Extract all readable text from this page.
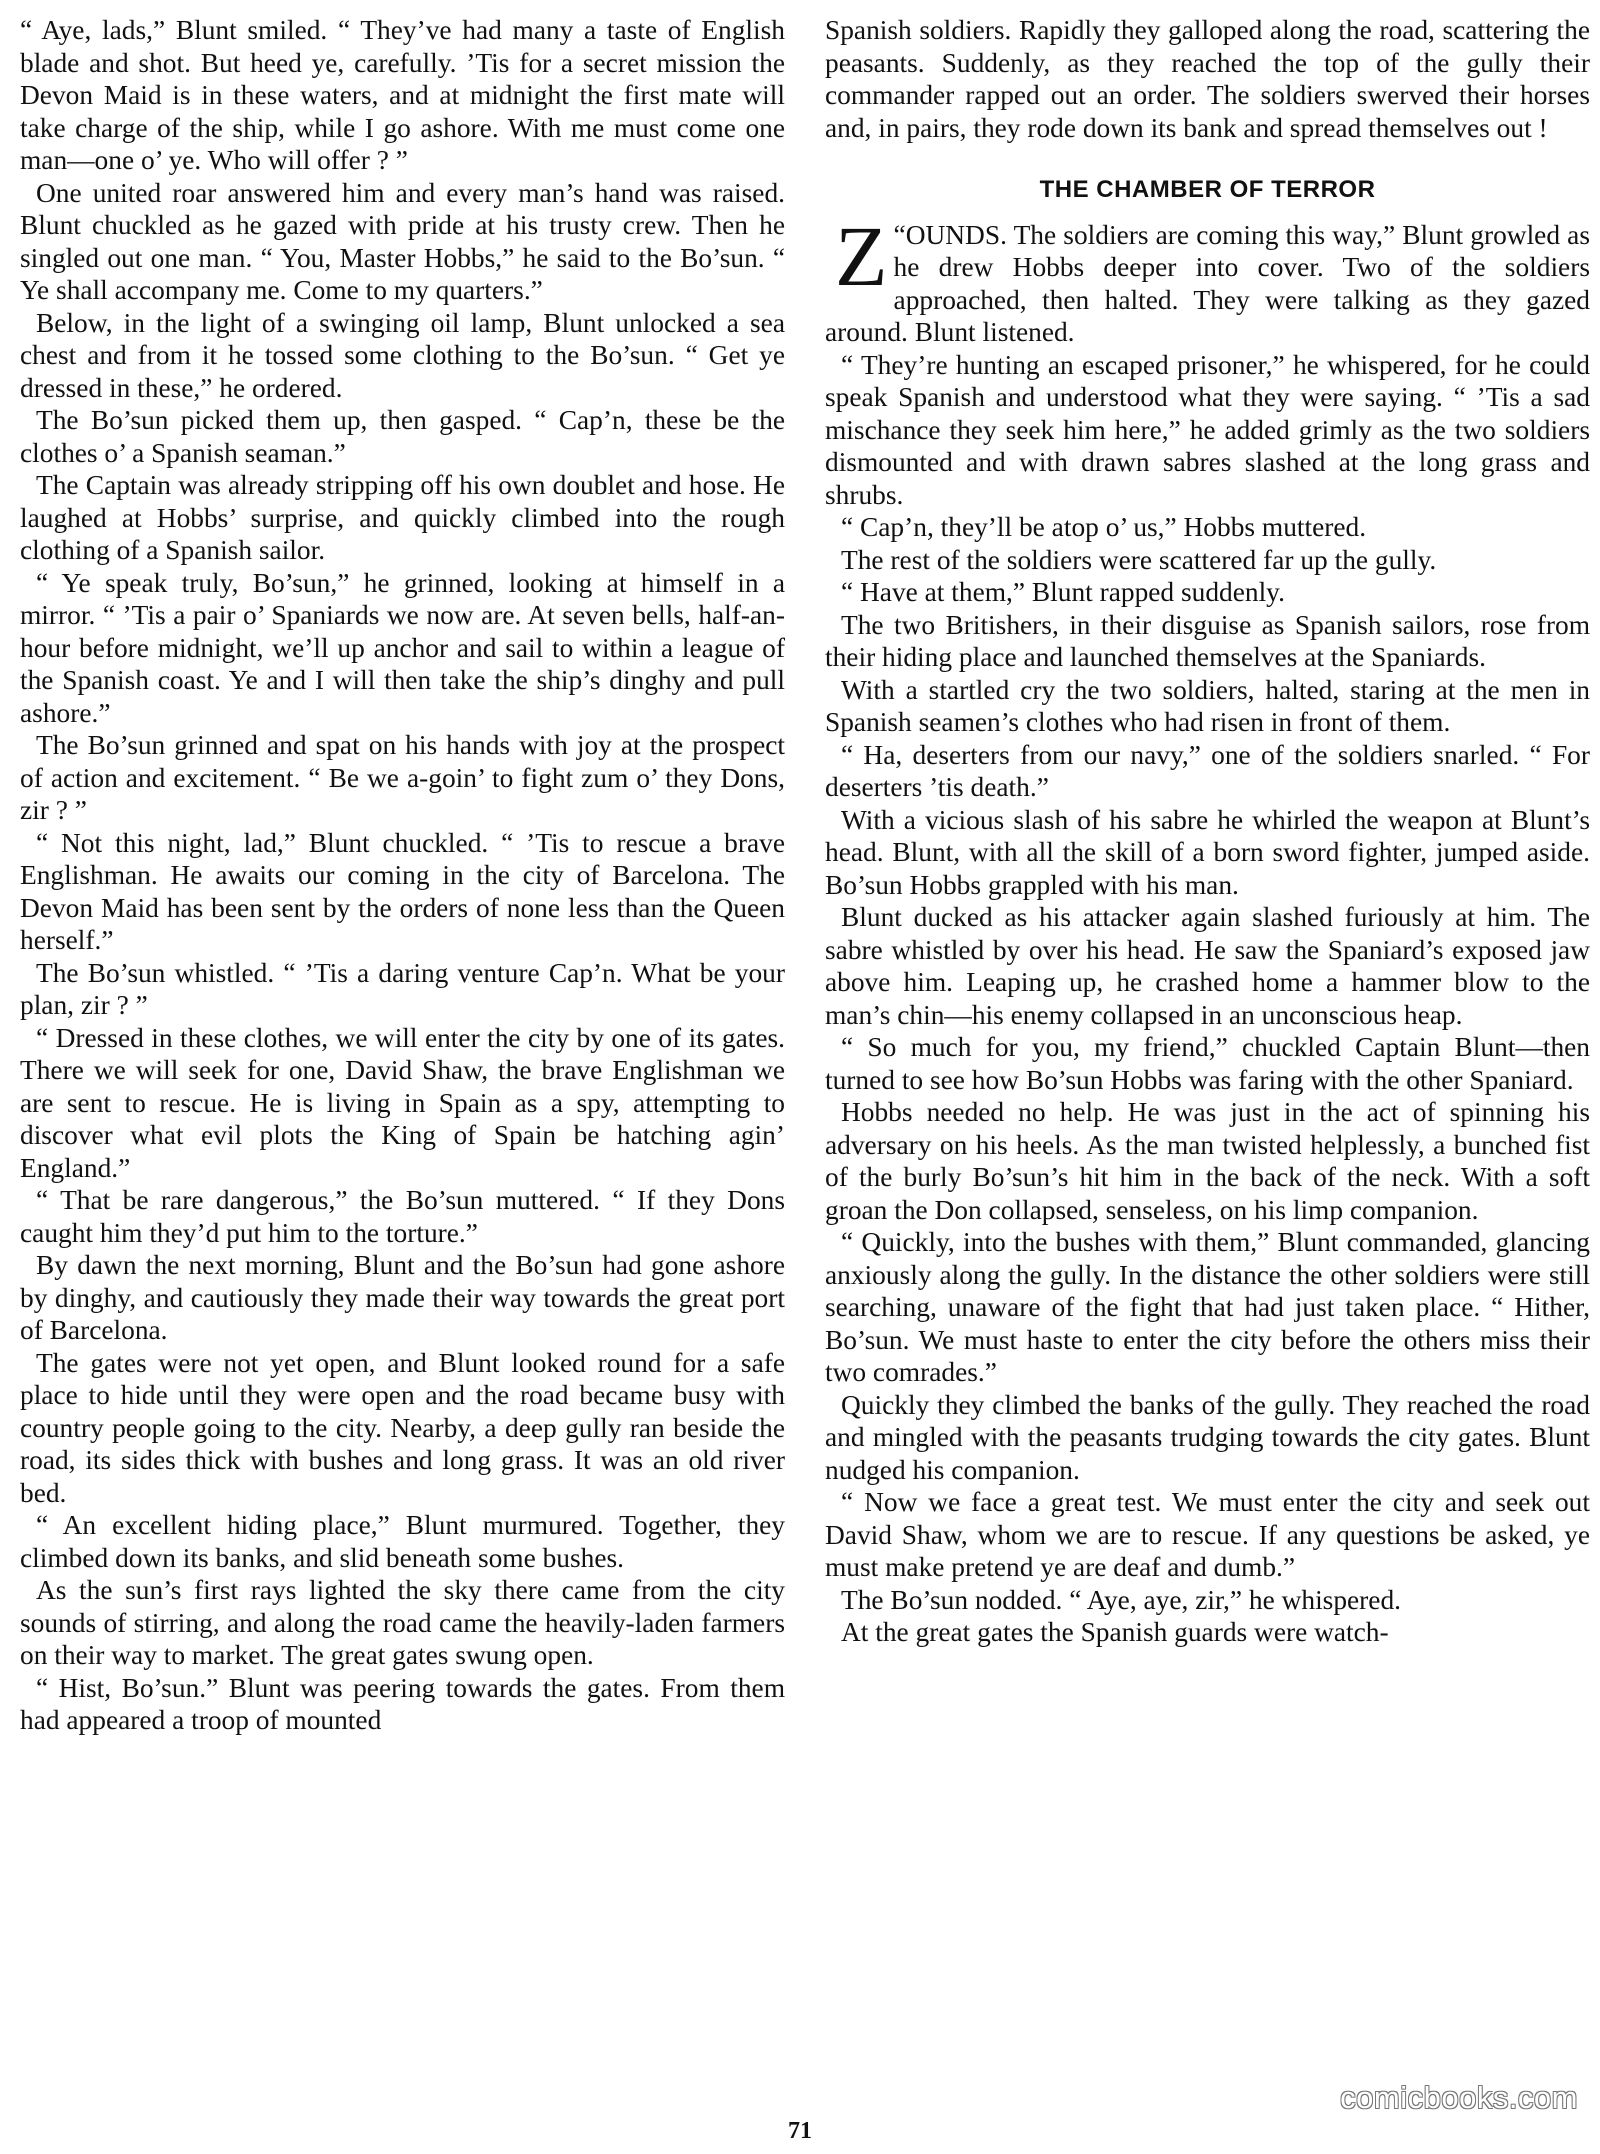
“ Aye, lads,” Blunt smiled. “ They’ve had many a taste of English blade and shot. But heed ye, carefully. ’Tis for a secret mission the Devon Maid is in these waters, and at midnight the first mate will take charge of the ship, while I go ashore. With me must come one man—one o’ ye. Who will offer ? ”

One united roar answered him and every man’s hand was raised. Blunt chuckled as he gazed with pride at his trusty crew. Then he singled out one man. “ You, Master Hobbs,” he said to the Bo’sun. “ Ye shall accompany me. Come to my quarters.”

Below, in the light of a swinging oil lamp, Blunt unlocked a sea chest and from it he tossed some clothing to the Bo’sun. “ Get ye dressed in these,” he ordered.

The Bo’sun picked them up, then gasped. “ Cap’n, these be the clothes o’ a Spanish seaman.”

The Captain was already stripping off his own doublet and hose. He laughed at Hobbs’ surprise, and quickly climbed into the rough clothing of a Spanish sailor.

“ Ye speak truly, Bo’sun,” he grinned, looking at himself in a mirror. “ ’Tis a pair o’ Spaniards we now are. At seven bells, half-an-hour before midnight, we’ll up anchor and sail to within a league of the Spanish coast. Ye and I will then take the ship’s dinghy and pull ashore.”

The Bo’sun grinned and spat on his hands with joy at the prospect of action and excitement. “ Be we a-goin’ to fight zum o’ they Dons, zir ? ”

“ Not this night, lad,” Blunt chuckled. “ ’Tis to rescue a brave Englishman. He awaits our coming in the city of Barcelona. The Devon Maid has been sent by the orders of none less than the Queen herself.”

The Bo’sun whistled. “ ’Tis a daring venture Cap’n. What be your plan, zir ? ”

“ Dressed in these clothes, we will enter the city by one of its gates. There we will seek for one, David Shaw, the brave Englishman we are sent to rescue. He is living in Spain as a spy, attempting to discover what evil plots the King of Spain be hatching agin’ England.”

“ That be rare dangerous,” the Bo’sun muttered. “ If they Dons caught him they’d put him to the torture.”

By dawn the next morning, Blunt and the Bo’sun had gone ashore by dinghy, and cautiously they made their way towards the great port of Barcelona.

The gates were not yet open, and Blunt looked round for a safe place to hide until they were open and the road became busy with country people going to the city. Nearby, a deep gully ran beside the road, its sides thick with bushes and long grass. It was an old river bed.

“ An excellent hiding place,” Blunt murmured. Together, they climbed down its banks, and slid beneath some bushes.

As the sun’s first rays lighted the sky there came from the city sounds of stirring, and along the road came the heavily-laden farmers on their way to market. The great gates swung open.

“ Hist, Bo’sun.” Blunt was peering towards the gates. From them had appeared a troop of mounted

Spanish soldiers. Rapidly they galloped along the road, scattering the peasants. Suddenly, as they reached the top of the gully their commander rapped out an order. The soldiers swerved their horses and, in pairs, they rode down its bank and spread themselves out !

THE CHAMBER OF TERROR

“
Z OUNDS. The soldiers are coming this way,” Blunt growled as he drew Hobbs deeper into cover. Two of the soldiers approached, then halted. They were talking as they gazed around. Blunt listened.

“ They’re hunting an escaped prisoner,” he whispered, for he could speak Spanish and understood what they were saying. “ ’Tis a sad mischance they seek him here,” he added grimly as the two soldiers dismounted and with drawn sabres slashed at the long grass and shrubs.

“ Cap’n, they’ll be atop o’ us,” Hobbs muttered.

The rest of the soldiers were scattered far up the gully.

“ Have at them,” Blunt rapped suddenly.

The two Britishers, in their disguise as Spanish sailors, rose from their hiding place and launched themselves at the Spaniards.

With a startled cry the two soldiers, halted, staring at the men in Spanish seamen’s clothes who had risen in front of them.

“ Ha, deserters from our navy,” one of the soldiers snarled. “ For deserters ’tis death.”

With a vicious slash of his sabre he whirled the weapon at Blunt’s head. Blunt, with all the skill of a born sword fighter, jumped aside. Bo’sun Hobbs grappled with his man.

Blunt ducked as his attacker again slashed furiously at him. The sabre whistled by over his head. He saw the Spaniard’s exposed jaw above him. Leaping up, he crashed home a hammer blow to the man’s chin—his enemy collapsed in an unconscious heap.

“ So much for you, my friend,” chuckled Captain Blunt—then turned to see how Bo’sun Hobbs was faring with the other Spaniard.

Hobbs needed no help. He was just in the act of spinning his adversary on his heels. As the man twisted helplessly, a bunched fist of the burly Bo’sun’s hit him in the back of the neck. With a soft groan the Don collapsed, senseless, on his limp companion.

“ Quickly, into the bushes with them,” Blunt commanded, glancing anxiously along the gully. In the distance the other soldiers were still searching, unaware of the fight that had just taken place. “ Hither, Bo’sun. We must haste to enter the city before the others miss their two comrades.”

Quickly they climbed the banks of the gully. They reached the road and mingled with the peasants trudging towards the city gates. Blunt nudged his companion.

“ Now we face a great test. We must enter the city and seek out David Shaw, whom we are to rescue. If any questions be asked, ye must make pretend ye are deaf and dumb.”

The Bo’sun nodded. “ Aye, aye, zir,” he whispered.

At the great gates the Spanish guards were watch-

comicbooks.com
71
